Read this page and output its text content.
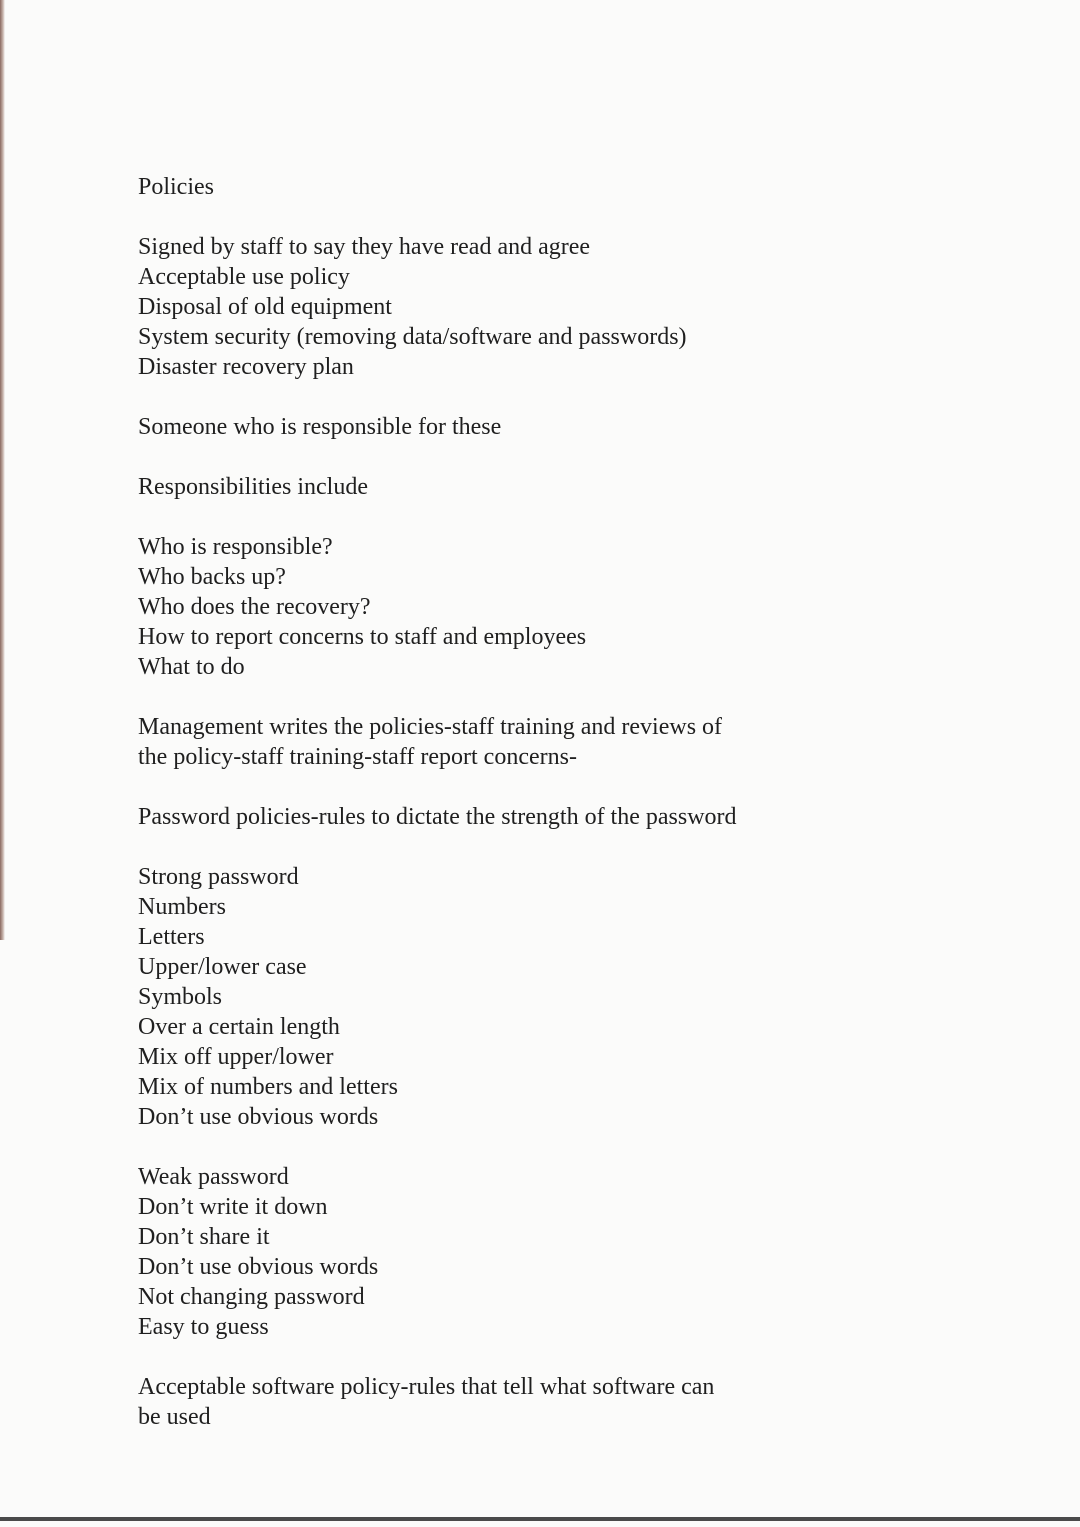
Policies

Signed by staff to say they have read and agree

Acceptable use policy

Disposal of old equipment

System security (removing data/software and passwords)

Disaster recovery plan

Someone who is responsible for these

Responsibilities include

Who is responsible?

Who backs up?

Who does the recovery?

How to report concerns to staff and employees

What to do

Management writes the policies-staff training and reviews of

the policy-staff training-staff report concerns-

Password policies-rules to dictate the strength of the password

Strong password

Numbers

Letters

Upper/lower case

Symbols

Over a certain length

Mix off upper/lower

Mix of numbers and letters

Don’t use obvious words

Weak password

Don’t write it down

Don’t share it

Don’t use obvious words

Not changing password

Easy to guess

Acceptable software policy-rules that tell what software can

be used
